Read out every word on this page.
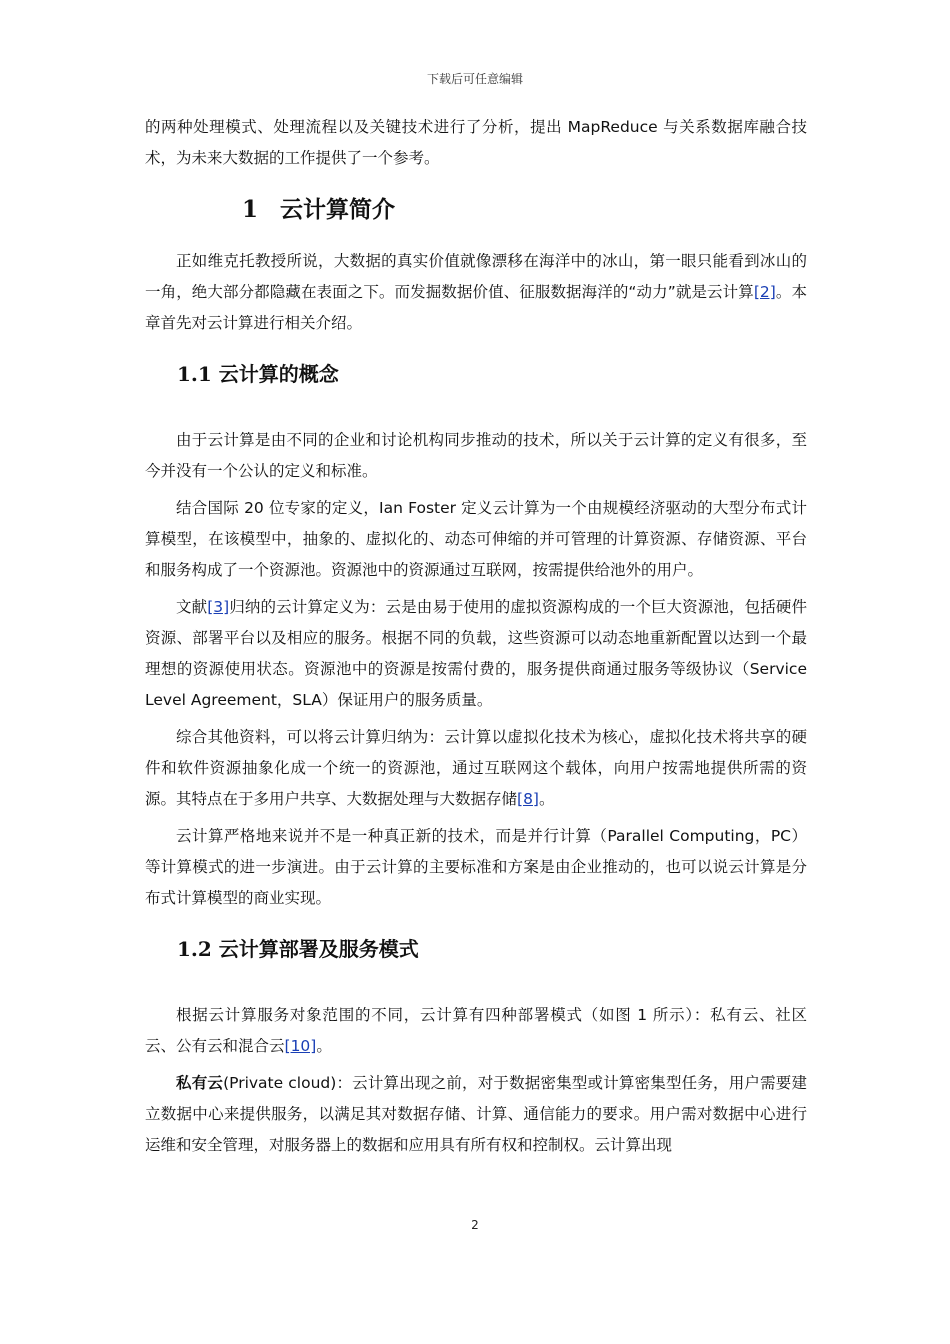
下载后可任意编辑

的两种处理模式、处理流程以及关键技术进行了分析，提出 MapReduce 与关系数据库融合技术，为未来大数据的工作提供了一个参考。

1 云计算简介

正如维克托教授所说，大数据的真实价值就像漂移在海洋中的冰山，第一眼只能看到冰山的一角，绝大部分都隐藏在表面之下。而发掘数据价值、征服数据海洋的“动力”就是云计算[2]。本章首先对云计算进行相关介绍。

1.1 云计算的概念

由于云计算是由不同的企业和讨论机构同步推动的技术，所以关于云计算的定义有很多，至今并没有一个公认的定义和标准。

结合国际 20 位专家的定义，Ian Foster 定义云计算为一个由规模经济驱动的大型分布式计算模型，在该模型中，抽象的、虚拟化的、动态可伸缩的并可管理的计算资源、存储资源、平台和服务构成了一个资源池。资源池中的资源通过互联网，按需提供给池外的用户。

文献[3]归纳的云计算定义为：云是由易于使用的虚拟资源构成的一个巨大资源池，包括硬件资源、部署平台以及相应的服务。根据不同的负载，这些资源可以动态地重新配置以达到一个最理想的资源使用状态。资源池中的资源是按需付费的，服务提供商通过服务等级协议（Service Level Agreement，SLA）保证用户的服务质量。

综合其他资料，可以将云计算归纳为：云计算以虚拟化技术为核心，虚拟化技术将共享的硬件和软件资源抽象化成一个统一的资源池，通过互联网这个载体，向用户按需地提供所需的资源。其特点在于多用户共享、大数据处理与大数据存储[8]。

云计算严格地来说并不是一种真正新的技术，而是并行计算（Parallel Computing，PC）等计算模式的进一步演进。由于云计算的主要标准和方案是由企业推动的，也可以说云计算是分布式计算模型的商业实现。

1.2 云计算部署及服务模式

根据云计算服务对象范围的不同，云计算有四种部署模式（如图 1 所示）：私有云、社区云、公有云和混合云[10]。

私有云(Private cloud)：云计算出现之前，对于数据密集型或计算密集型任务，用户需要建立数据中心来提供服务，以满足其对数据存储、计算、通信能力的要求。用户需对数据中心进行运维和安全管理，对服务器上的数据和应用具有所有权和控制权。云计算出现

2
